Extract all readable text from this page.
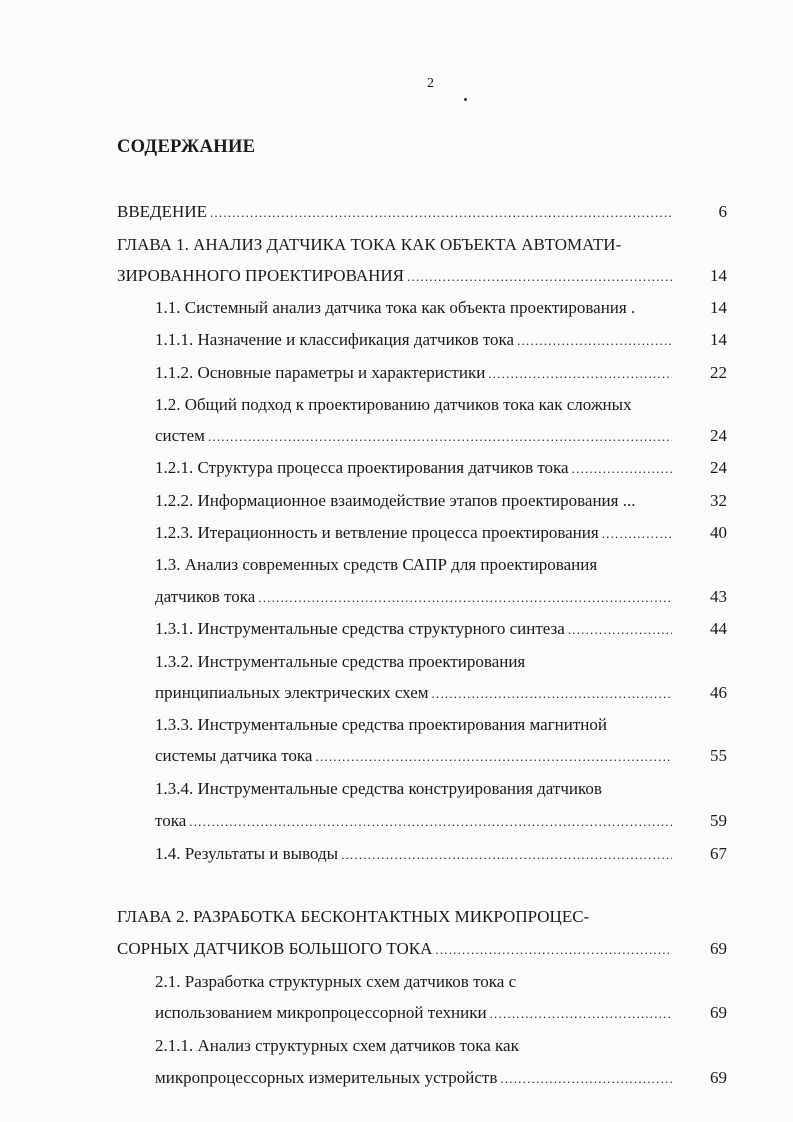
2
СОДЕРЖАНИЕ
ВВЕДЕНИЕ .....	6
ГЛАВА 1. АНАЛИЗ ДАТЧИКА ТОКА КАК ОБЪЕКТА АВТОМАТИ-
ЗИРОВАННОГО ПРОЕКТИРОВАНИЯ .....	14
1.1. Системный анализ датчика тока как объекта проектирования .	14
1.1.1. Назначение и классификация датчиков тока .....	14
1.1.2. Основные параметры и характеристики .....	22
1.2. Общий подход к проектированию датчиков тока как сложных
систем .....	24
1.2.1. Структура процесса проектирования датчиков тока .....	24
1.2.2. Информационное взаимодействие этапов проектирования ...	32
1.2.3. Итерационность и ветвление процесса проектирования .....	40
1.3. Анализ современных средств САПР для проектирования
датчиков тока .....	43
1.3.1. Инструментальные средства структурного синтеза .....	44
1.3.2. Инструментальные средства проектирования
принципиальных электрических схем .....	46
1.3.3. Инструментальные средства проектирования магнитной
системы датчика тока .....	55
1.3.4. Инструментальные средства конструирования датчиков
тока .....	59
1.4. Результаты и выводы .....	67
ГЛАВА 2. РАЗРАБОТКА БЕСКОНТАКТНЫХ МИКРОПРОЦЕС-
СОРНЫХ ДАТЧИКОВ БОЛЬШОГО ТОКА .....	69
2.1. Разработка структурных схем датчиков тока с
использованием микропроцессорной техники .....	69
2.1.1. Анализ структурных схем датчиков тока как
микропроцессорных измерительных устройств .....	69
